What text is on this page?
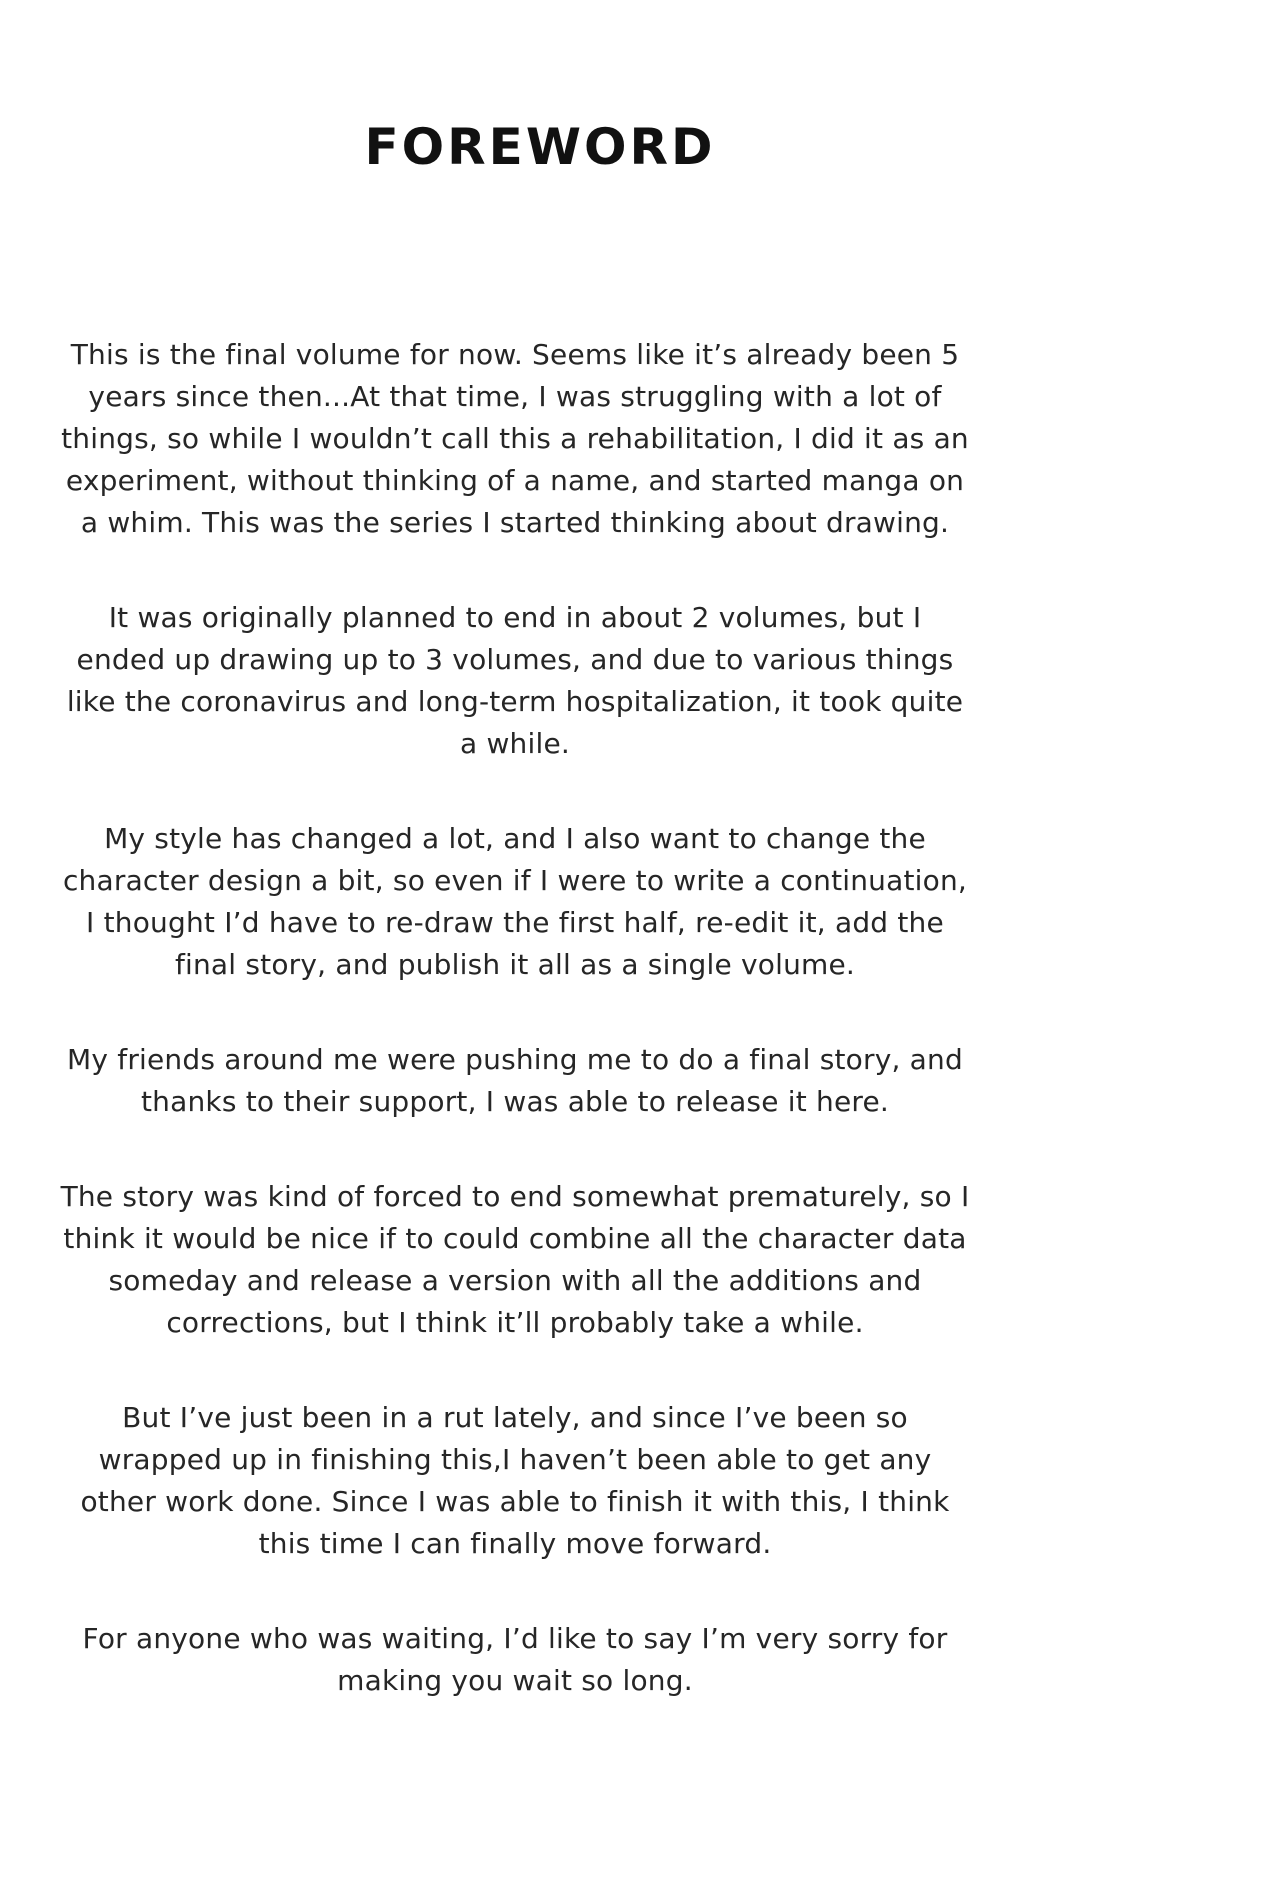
FOREWORD

This is the final volume for now. Seems like it’s already been 5 years since then...At that time, I was struggling with a lot of things, so while I wouldn’t call this a rehabilitation, I did it as an experiment, without thinking of a name, and started manga on a whim. This was the series I started thinking about drawing.

It was originally planned to end in about 2 volumes, but I ended up drawing up to 3 volumes, and due to various things like the coronavirus and long-term hospitalization, it took quite a while.

My style has changed a lot, and I also want to change the character design a bit, so even if I were to write a continuation, I thought I’d have to re-draw the first half, re-edit it, add the final story, and publish it all as a single volume.

My friends around me were pushing me to do a final story, and thanks to their support, I was able to release it here.

The story was kind of forced to end somewhat prematurely, so I think it would be nice if to could combine all the character data someday and release a version with all the additions and corrections, but I think it’ll probably take a while.

But I’ve just been in a rut lately, and since I’ve been so wrapped up in finishing this,I haven’t been able to get any other work done. Since I was able to finish it with this, I think this time I can finally move forward.

For anyone who was waiting, I’d like to say I’m very sorry for making you wait so long.
